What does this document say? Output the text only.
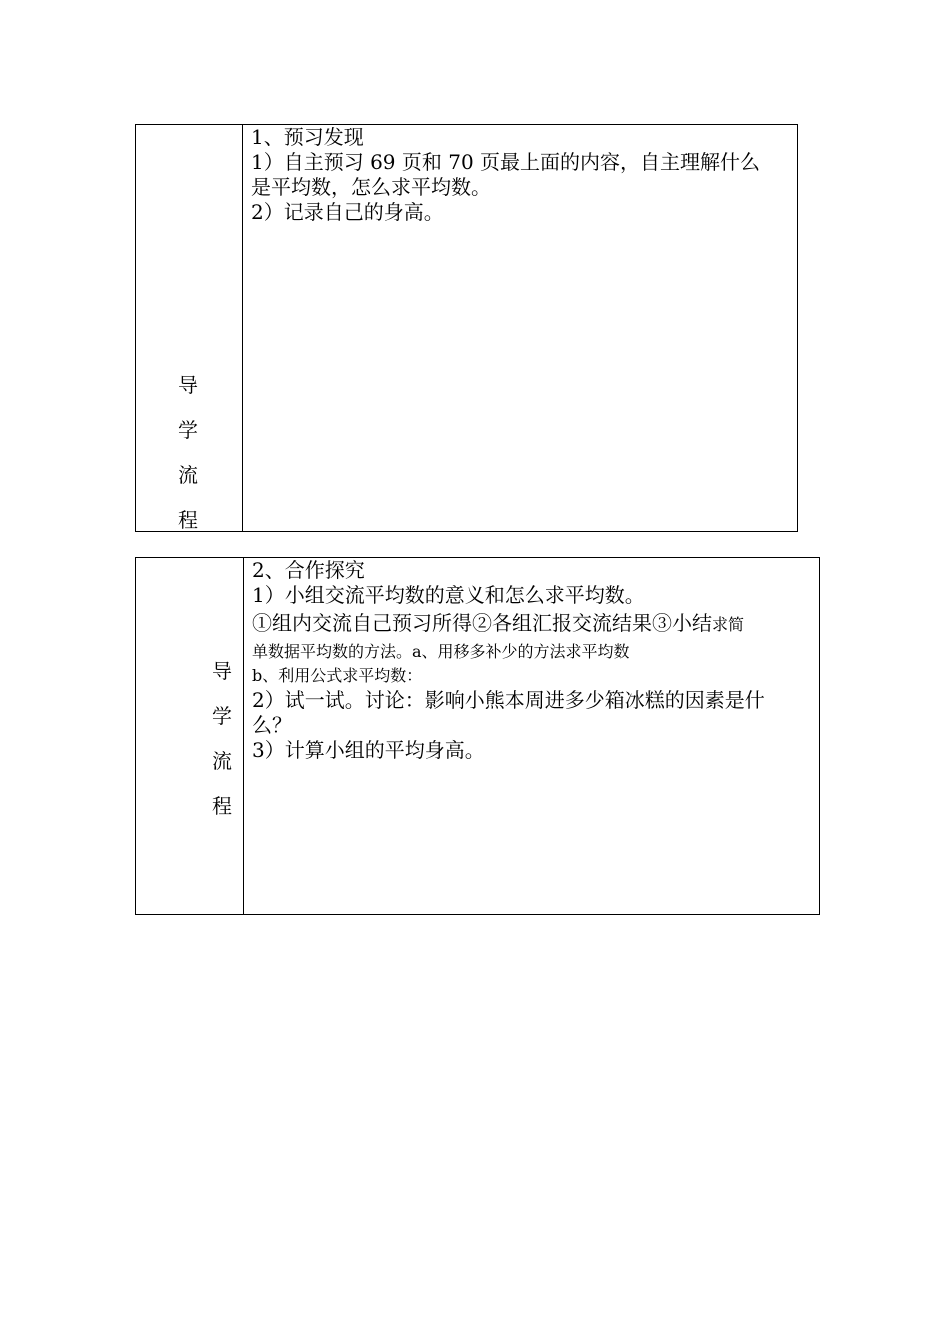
导
学
流
程

1、预习发现

1）自主预习 69 页和 70 页最上面的内容，自主理解什么

是平均数，怎么求平均数。

2）记录自己的身高。

导
学
流
程

2、合作探究

1）小组交流平均数的意义和怎么求平均数。

①组内交流自己预习所得②各组汇报交流结果③小结求简

单数据平均数的方法。a、用移多补少的方法求平均数

b、利用公式求平均数：

2）试一试。讨论：影响小熊本周进多少箱冰糕的因素是什

么？

3）计算小组的平均身高。
